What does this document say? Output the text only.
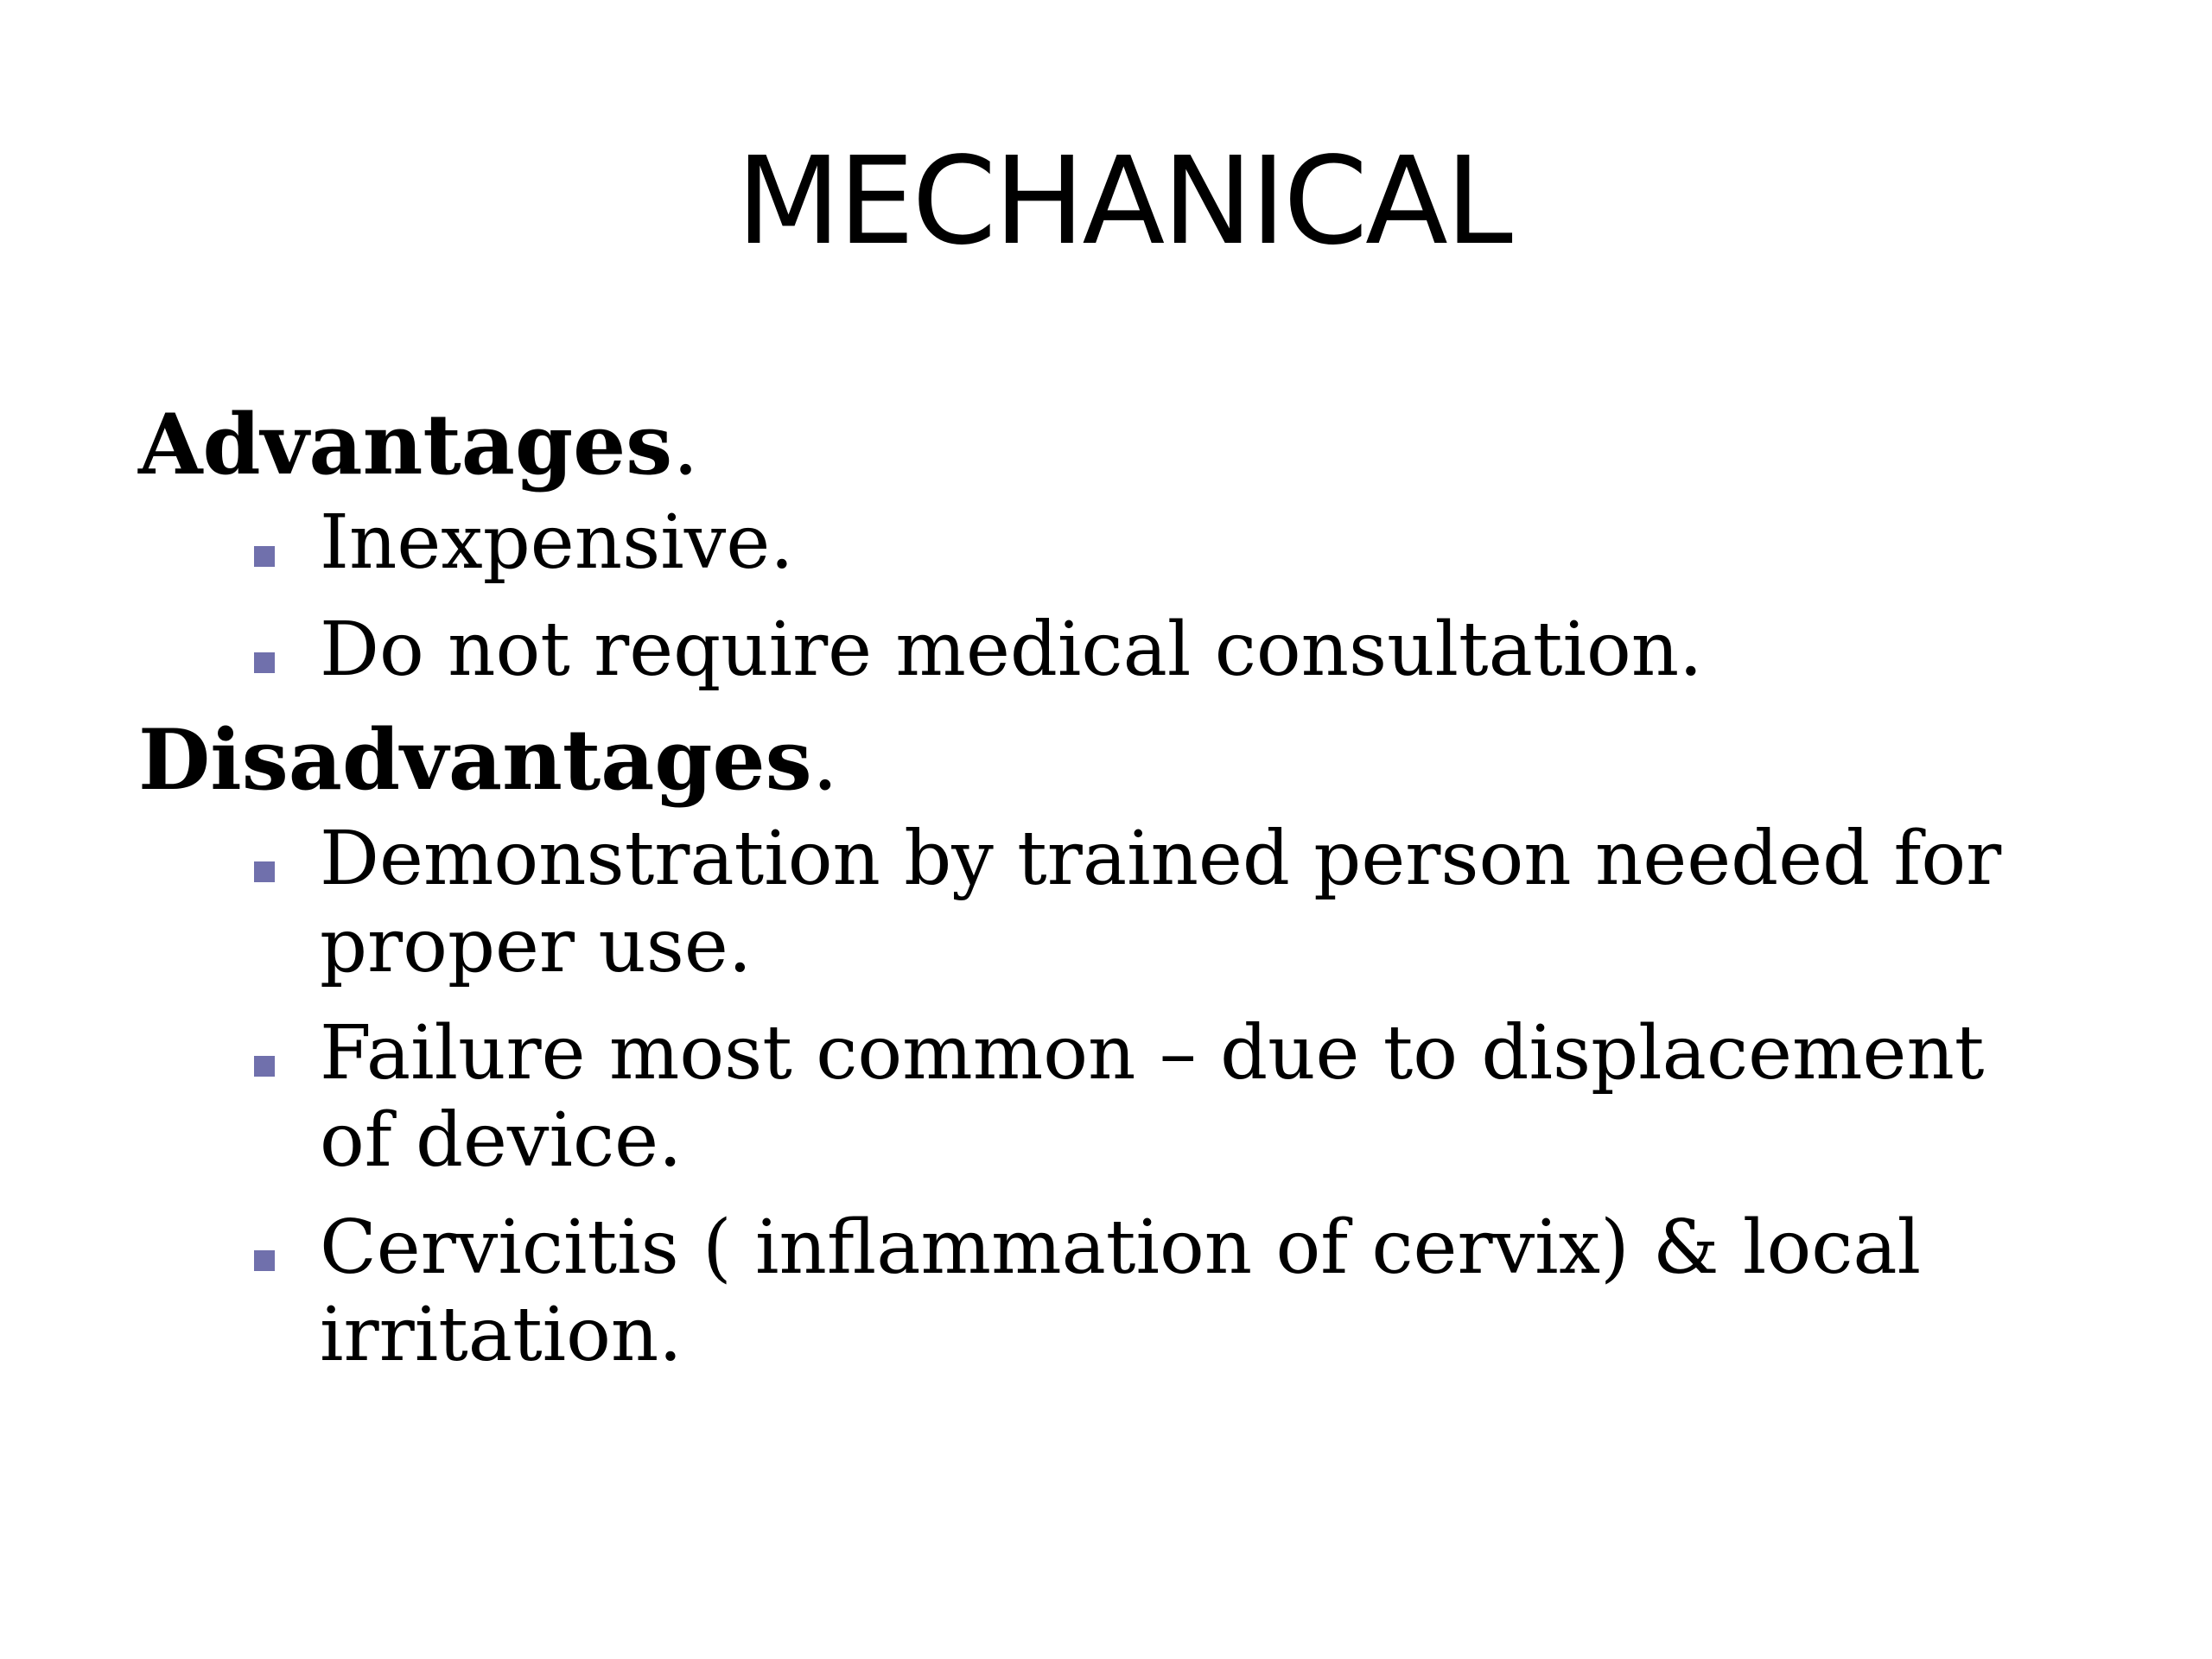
MECHANICAL

Advantages.

Inexpensive.
Do not require medical consultation.

Disadvantages.

Demonstration by trained person needed for proper use.
Failure most common – due to displacement of device.
Cervicitis ( inflammation of cervix) & local irritation.
